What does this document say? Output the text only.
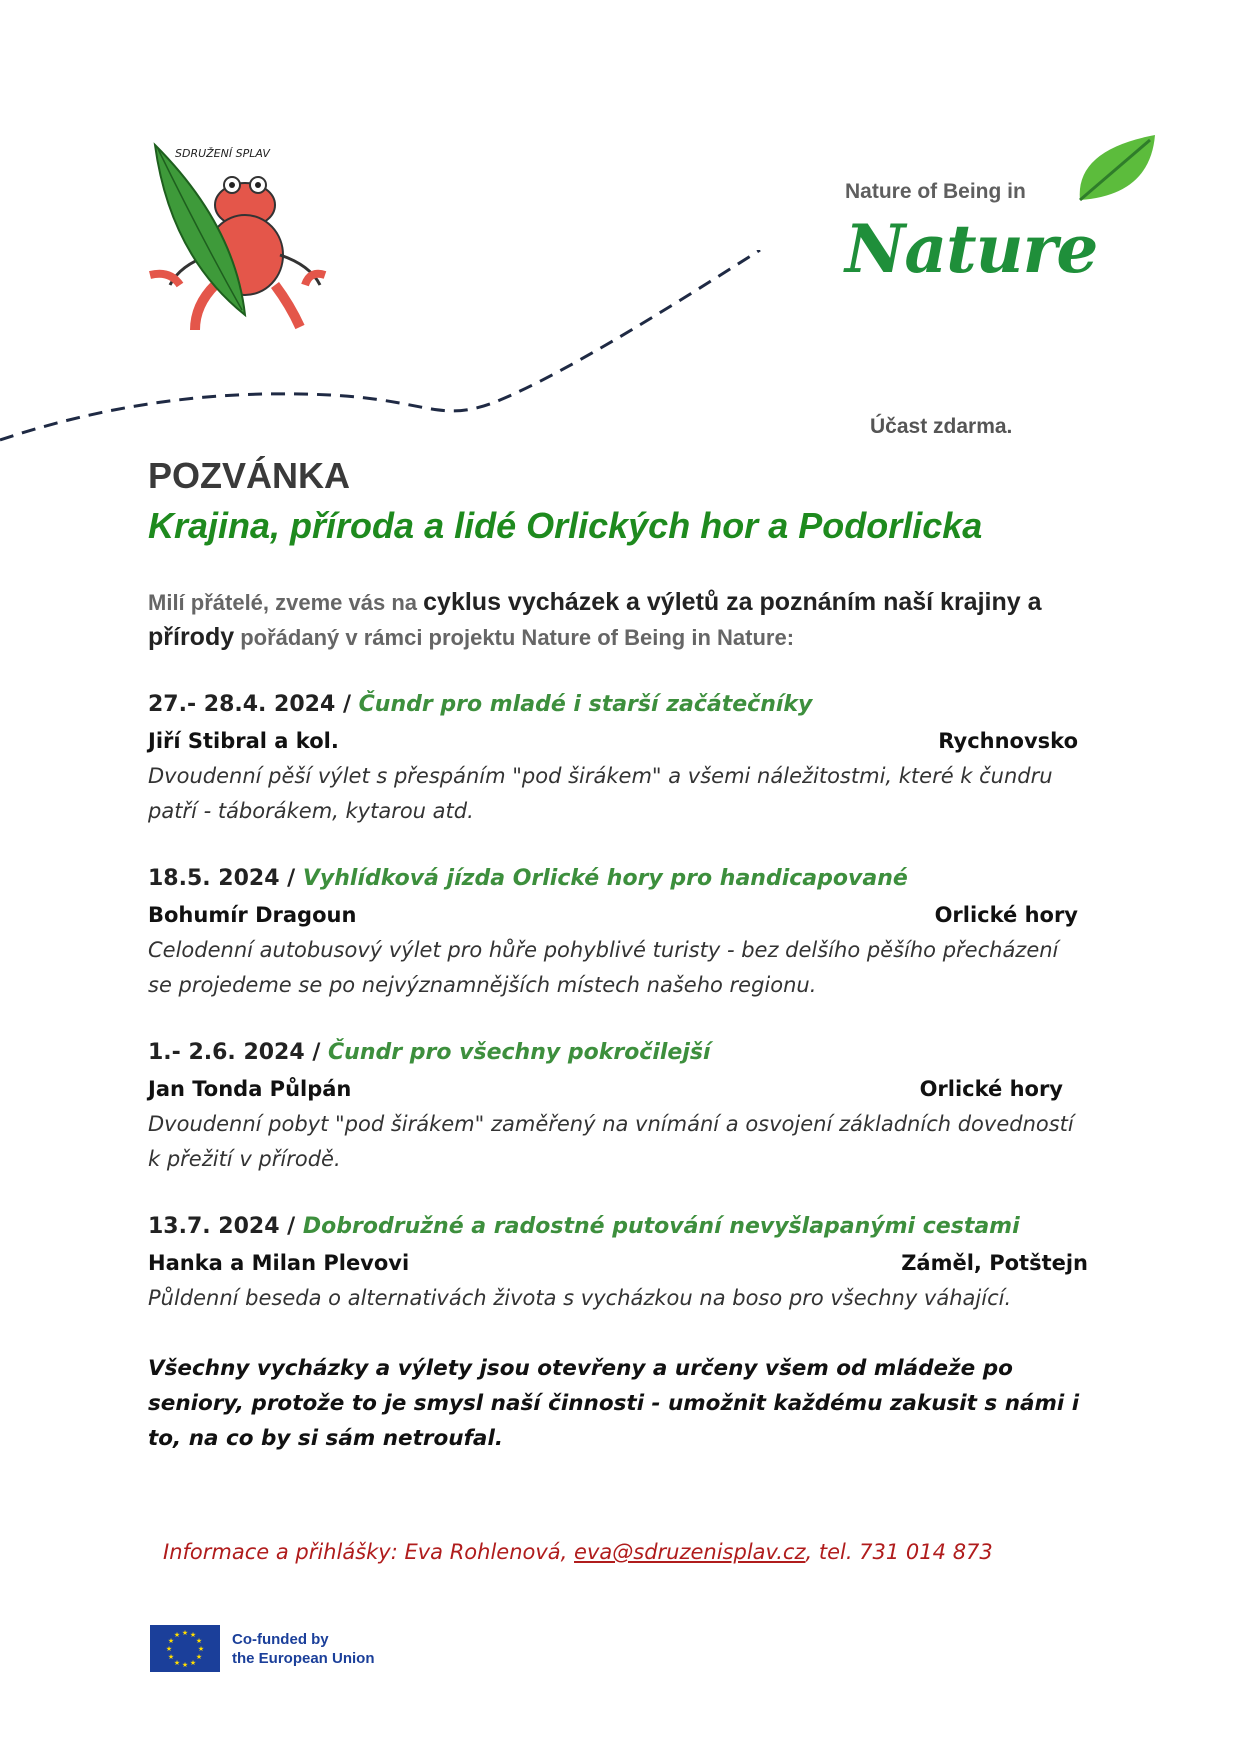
SDRUŽENÍ SPLAV
Nature of Being in
Nature
Účast zdarma.
POZVÁNKA
Krajina, příroda a lidé Orlických hor a Podorlicka
Milí přátelé, zveme vás na cyklus vycházek a výletů za poznáním naší krajiny a přírody pořádaný v rámci projektu Nature of Being in Nature:
27.- 28.4. 2024 / Čundr pro mladé i starší začátečníky
Jiří Stibral a kol.	Rychnovsko
Dvoudenní pěší výlet s přespáním "pod širákem" a všemi náležitostmi, které k čundru patří - táborákem, kytarou atd.
18.5. 2024 / Vyhlídková jízda Orlické hory pro handicapované
Bohumír Dragoun	Orlické hory
Celodenní autobusový výlet pro hůře pohyblivé turisty - bez delšího pěšího přecházení se projedeme se po nejvýznamnějších místech našeho regionu.
1.- 2.6. 2024 / Čundr pro všechny pokročilejší
Jan Tonda Půlpán	Orlické hory
Dvoudenní pobyt "pod širákem" zaměřený na vnímání a osvojení základních dovedností k přežití v přírodě.
13.7. 2024 / Dobrodružné a radostné putování nevyšlapanými cestami
Hanka a Milan Plevovi	Záměl, Potštejn
Půldenní beseda o alternativách života s vycházkou na boso pro všechny váhající.
Všechny vycházky a výlety jsou otevřeny a určeny všem od mládeže po seniory, protože to je smysl naší činnosti - umožnit každému zakusit s námi i to, na co by si sám netroufal.
Informace a přihlášky: Eva Rohlenová, eva@sdruzenisplav.cz, tel. 731 014 873
★ ★
★
★
★
★
★
★
★
★
★
★	Co-funded by
the European Union
